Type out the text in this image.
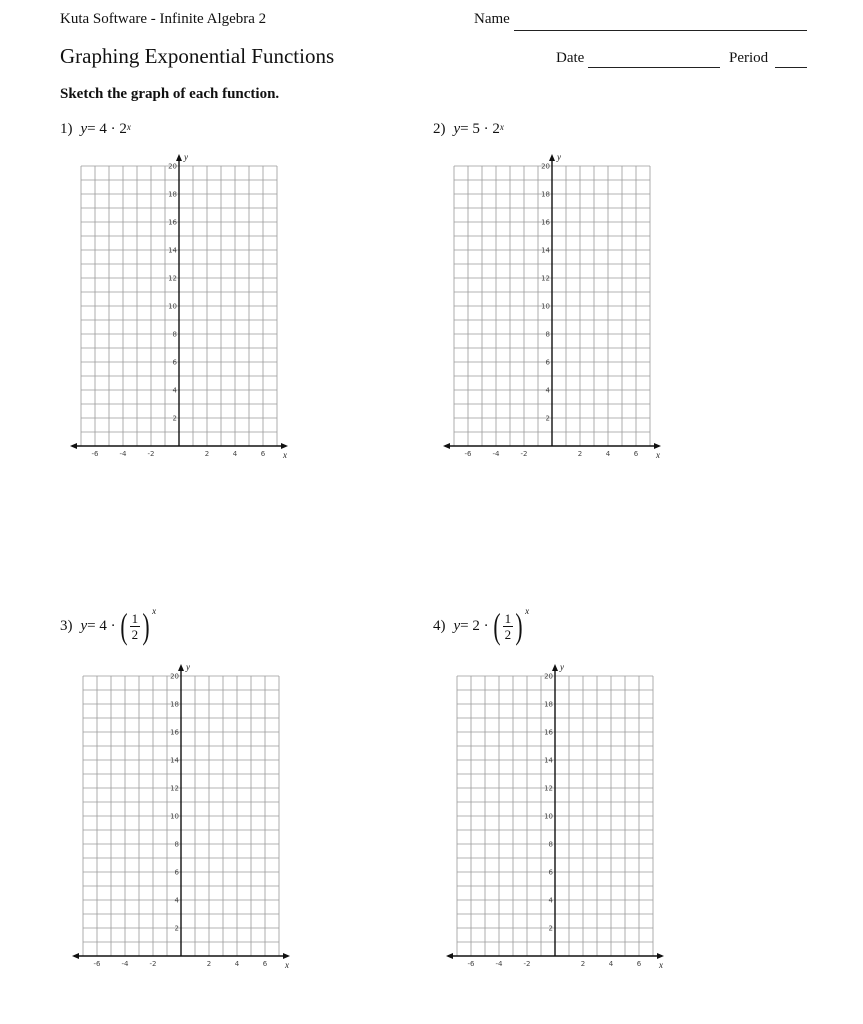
Kuta Software - Infinite Algebra 2
Graphing Exponential Functions
Name
Date	Period
Sketch the graph of each function.
1) $y = 4 \cdot 2^x$	2) $y = 5 \cdot 2^x$
3) y = 4 · ( $\frac{1}{2}$ ) x
4) y = 2 · ( $\frac{1}{2}$ ) x
2
4
6
8
10
12
14
16
18
20
-6	-4	-2	2	4	6 x
y
2
4
6
8
10
12
14
16
18
20
-6	-4	-2	2	4	6 x
y
2
4
6
8
10
12
14
16
18
20
-6	-4	-2	2	4	6 x
y
2
4
6
8
10
12
14
16
18
20
-6	-4	-2	2	4	6 x
y
